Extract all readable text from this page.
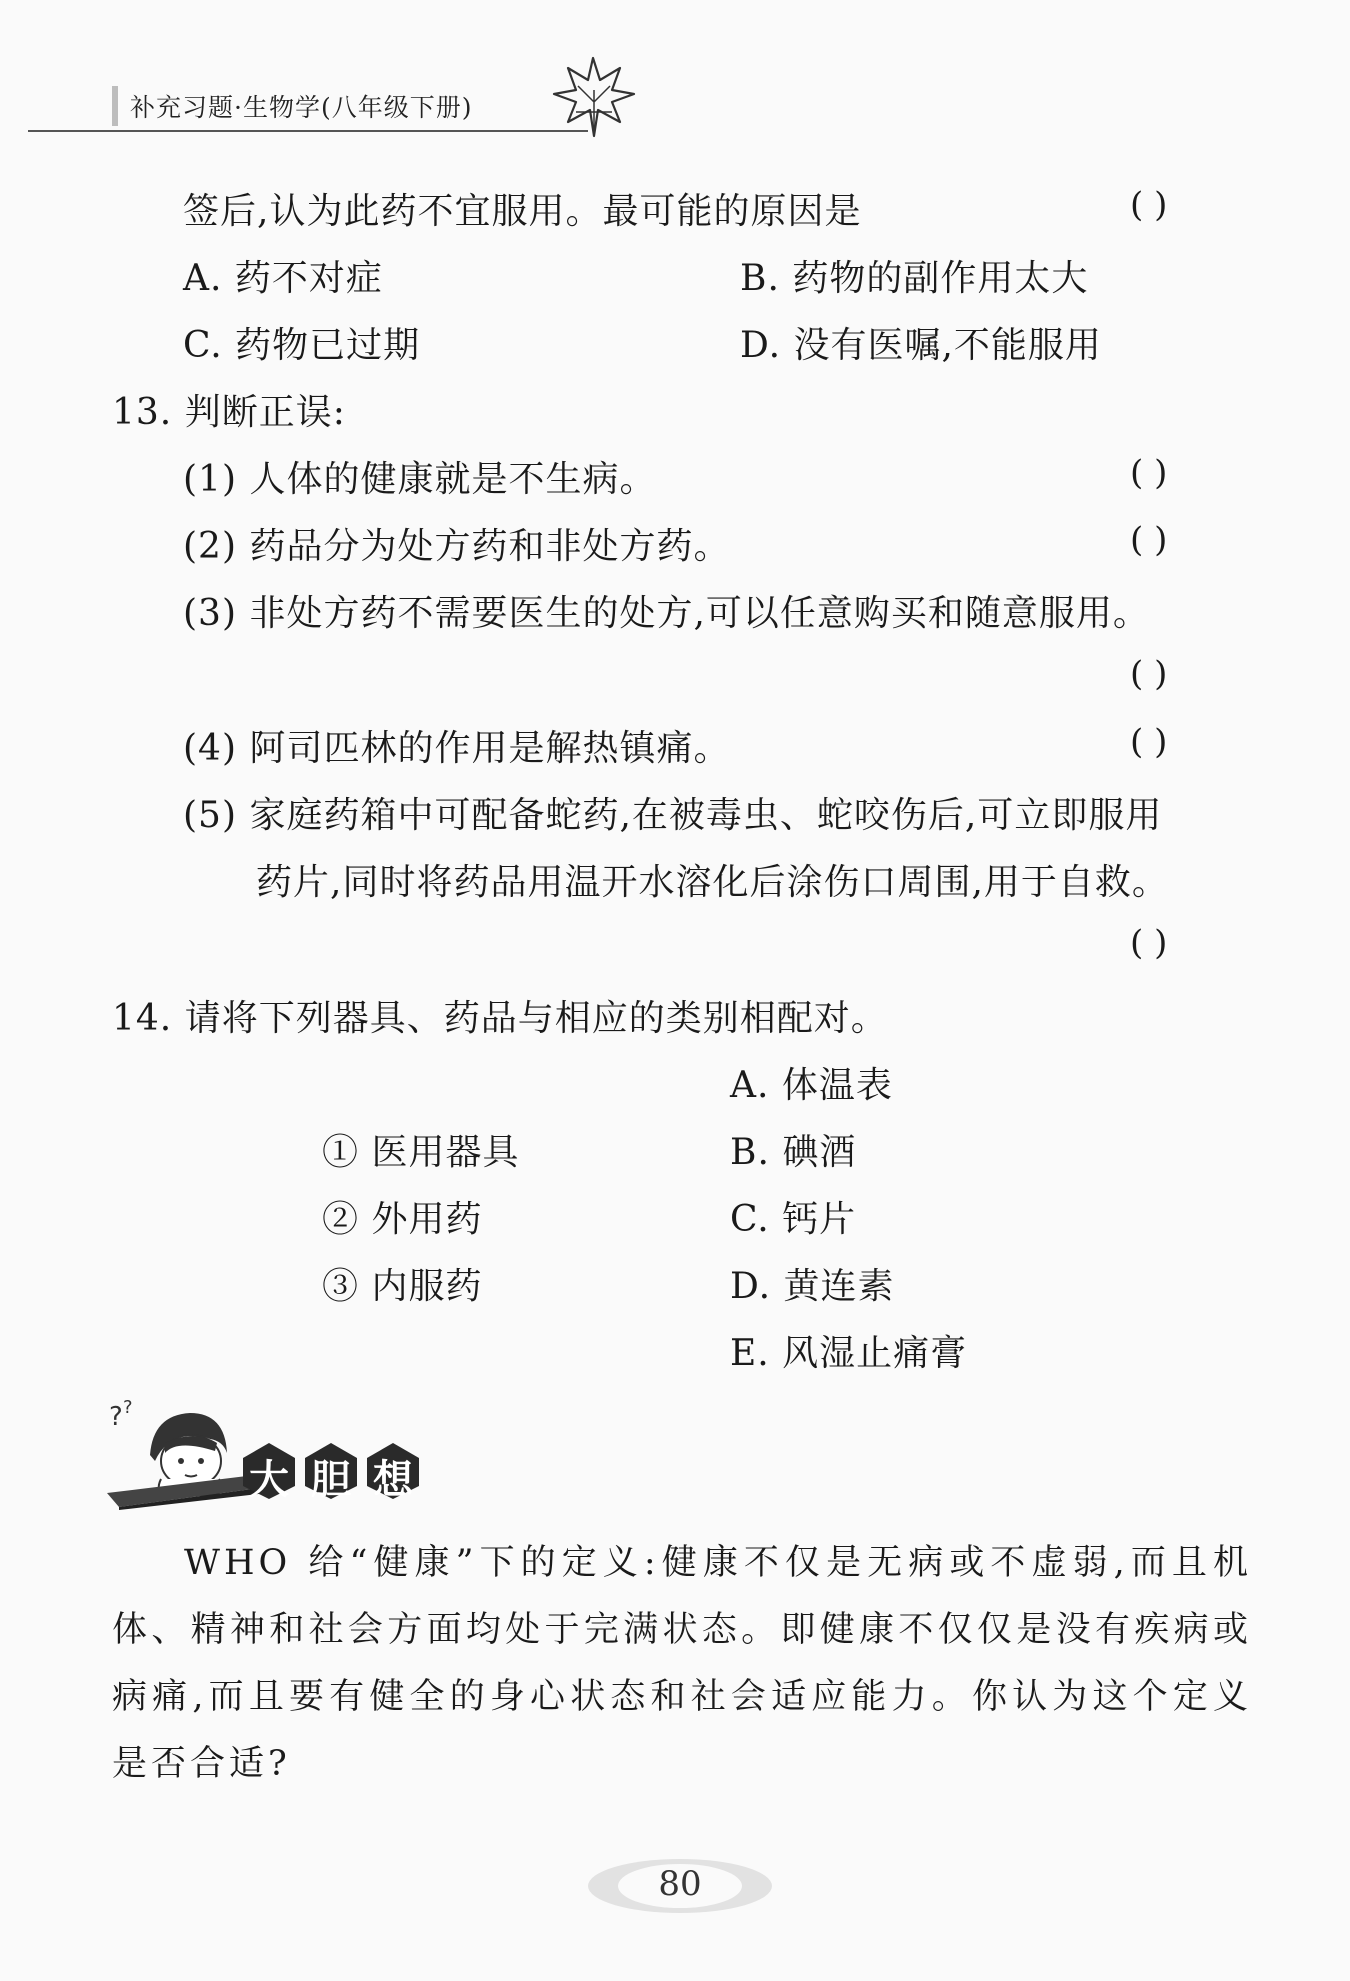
补充习题·生物学(八年级下册)
签后,认为此药不宜服用。最可能的原因是	( )
A. 药不对症	B. 药物的副作用太大
C. 药物已过期	D. 没有医嘱,不能服用
13. 判断正误:
(1) 人体的健康就是不生病。	( )
(2) 药品分为处方药和非处方药。	( )
(3) 非处方药不需要医生的处方,可以任意购买和随意服用。
( )
(4) 阿司匹林的作用是解热镇痛。	( )
(5) 家庭药箱中可配备蛇药,在被毒虫、蛇咬伤后,可立即服用
药片,同时将药品用温开水溶化后涂伤口周围,用于自救。
( )
14. 请将下列器具、药品与相应的类别相配对。
A. 体温表
① 医用器具	B. 碘酒
② 外用药	C. 钙片
③ 内服药	D. 黄连素
E. 风湿止痛膏
? ?
大 胆 想
WHO 给“健康”下的定义:健康不仅是无病或不虚弱,而且机体、精神和社会方面均处于完满状态。即健康不仅仅是没有疾病或病痛,而且要有健全的身心状态和社会适应能力。你认为这个定义是否合适?
80
